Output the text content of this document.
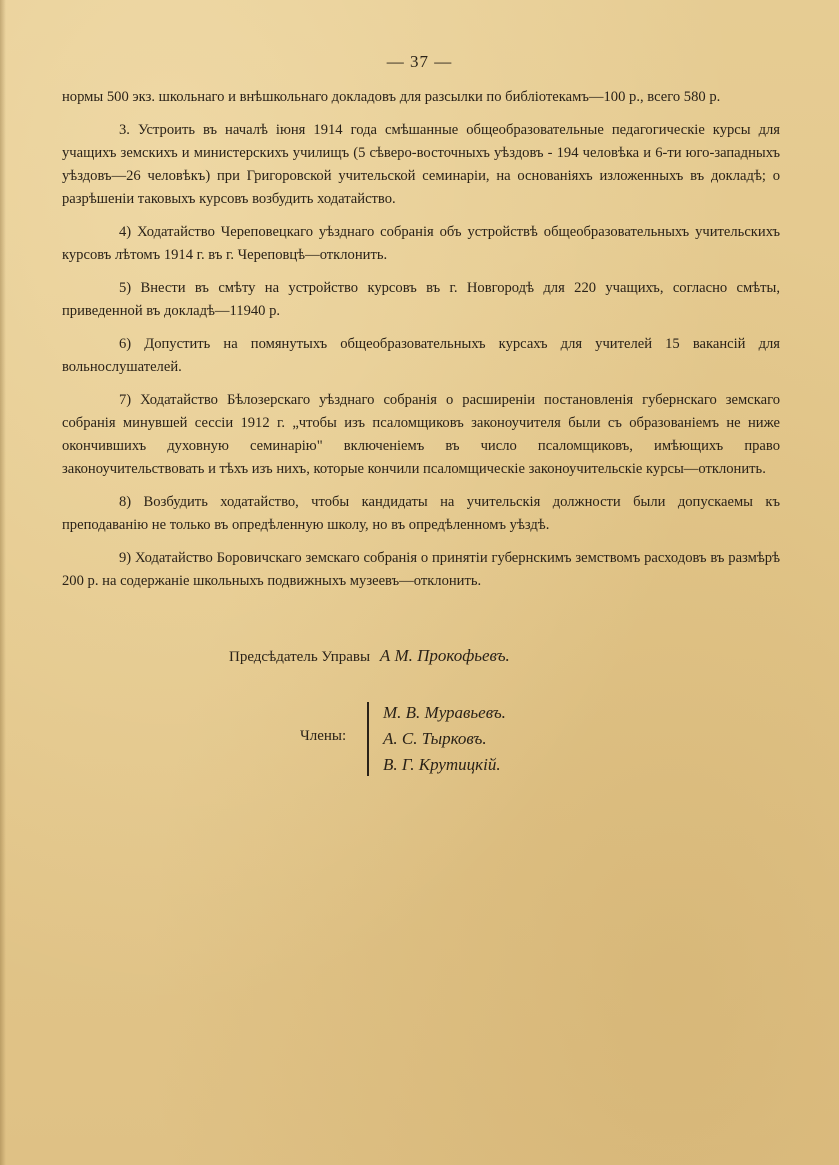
— 37 —

нормы 500 экз. школьнаго и внѣшкольнаго докладовъ для разсылки по библіотекамъ—100 р., всего 580 р.

3. Устроить въ началѣ іюня 1914 года смѣшанные общеобразовательные педагогическіе курсы для учащихъ земскихъ и министерскихъ училищъ (5 сѣверо-восточныхъ уѣздовъ - 194 человѣка и 6-ти юго-западныхъ уѣздовъ—26 человѣкъ) при Григоровской учительской семинаріи, на основаніяхъ изложенныхъ въ докладѣ; о разрѣшеніи таковыхъ курсовъ возбудить ходатайство.

4) Ходатайство Череповецкаго уѣзднаго собранія объ устройствѣ общеобразовательныхъ учительскихъ курсовъ лѣтомъ 1914 г. въ г. Череповцѣ—отклонить.

5) Внести въ смѣту на устройство курсовъ въ г. Новгородѣ для 220 учащихъ, согласно смѣты, приведенной въ докладѣ—11940 р.

6) Допустить на помянутыхъ общеобразовательныхъ курсахъ для учителей 15 вакансій для вольнослушателей.

7) Ходатайство Бѣлозерскаго уѣзднаго собранія о расширеніи постановленія губернскаго земскаго собранія минувшей сессіи 1912 г. „чтобы изъ псаломщиковъ законоучителя были съ образованіемъ не ниже окончившихъ духовную семинарію" включеніемъ въ число псаломщиковъ, имѣющихъ право законоучительствовать и тѣхъ изъ нихъ, которые кончили псаломщическіе законоучительскіе курсы—отклонить.

8) Возбудить ходатайство, чтобы кандидаты на учительскія должности были допускаемы къ преподаванію не только въ опредѣленную школу, но въ опредѣленномъ уѣздѣ.

9) Ходатайство Боровичскаго земскаго собранія о принятіи губернскимъ земствомъ расходовъ въ размѣрѣ 200 р. на содержаніе школьныхъ подвижныхъ музеевъ—отклонить.

Предсѣдатель Управы А М. Прокофьевъ.
Члены:
М. В. Муравьевъ.
А. С. Тырковъ.
В. Г. Крутицкій.
